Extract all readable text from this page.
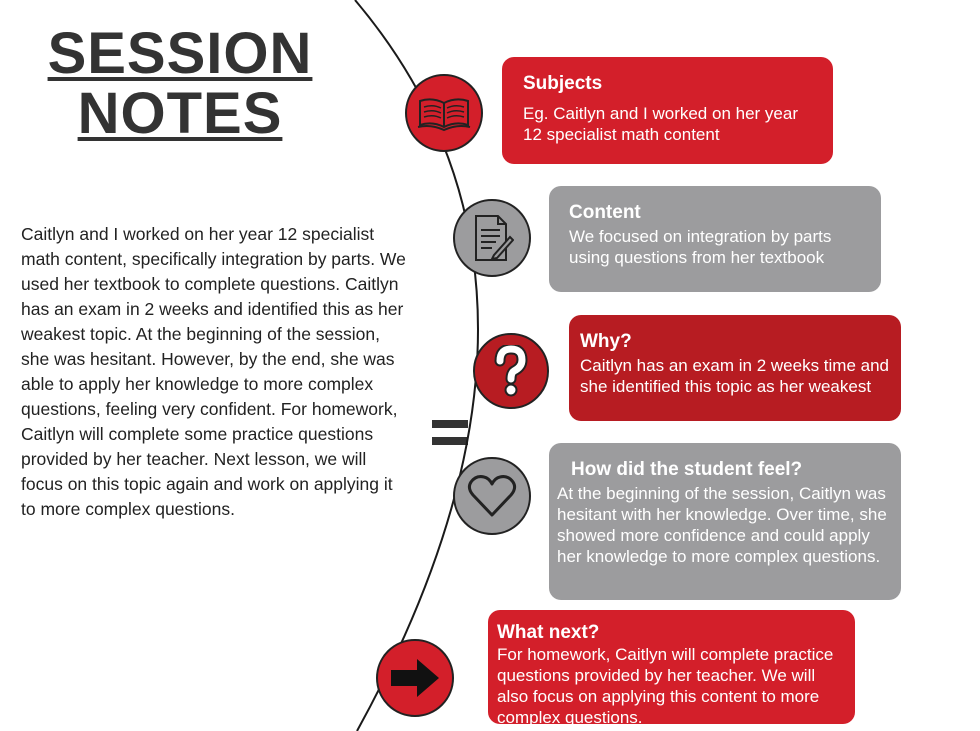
SESSION
NOTES
Caitlyn and I worked on her year 12 specialist math content, specifically integration by parts. We used her textbook to complete questions. Caitlyn has an exam in 2 weeks and identified this as her weakest topic. At the beginning of the session, she was hesitant. However, by the end, she was able to apply her knowledge to more complex questions, feeling very confident. For homework, Caitlyn will complete some practice questions provided by her teacher. Next lesson, we will focus on this topic again and work on applying it to more complex questions.
Subjects

Eg. Caitlyn and I worked on her year 12 specialist math content

Content

We focused on integration by parts using questions from her textbook

Why?

Caitlyn has an exam in 2 weeks time and she identified this topic as her weakest

How did the student feel?

At the beginning of the session, Caitlyn was hesitant with her knowledge. Over time, she showed more confidence and could apply her knowledge to more complex questions.

What next?

For homework, Caitlyn will complete practice questions provided by her teacher. We will also focus on applying this content to more complex questions.
